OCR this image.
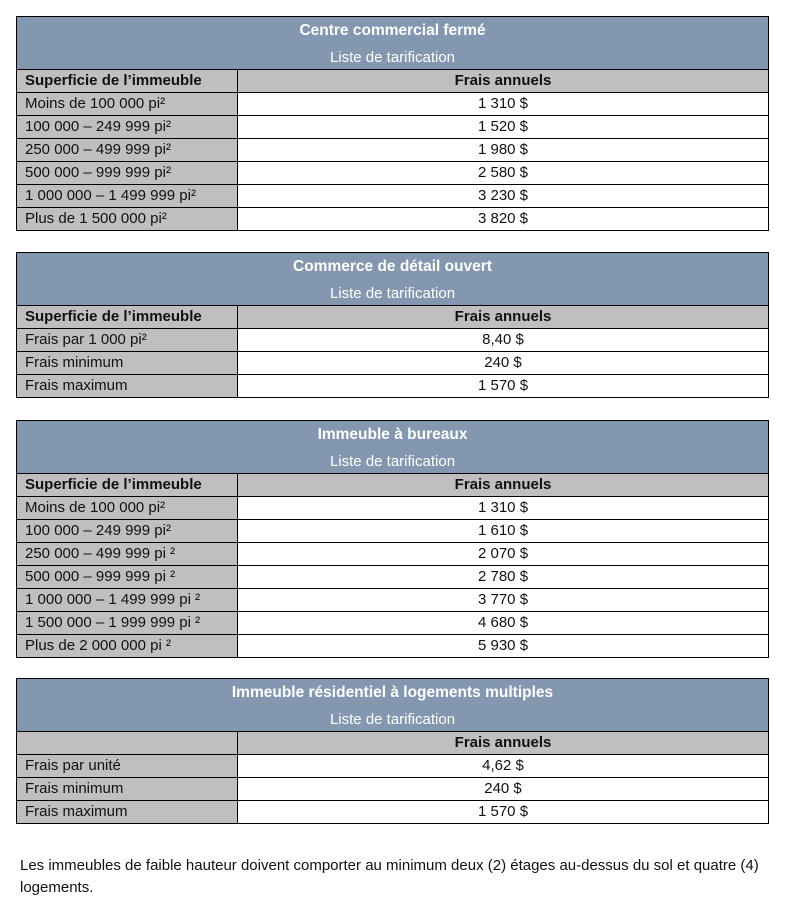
Centre commercial fermé
Liste de tarification	

Superficie de l’immeuble	Frais annuels
Moins de 100 000 pi²	1 310 $
100 000 – 249 999 pi²	1 520 $
250 000 – 499 999 pi²	1 980 $
500 000 – 999 999 pi²	2 580 $
1 000 000 – 1 499 999 pi²	3 230 $
Plus de 1 500 000 pi²	3 820 $
Commerce de détail ouvert
Liste de tarification	

Superficie de l’immeuble	Frais annuels
Frais par 1 000 pi²	8,40 $
Frais minimum	240 $
Frais maximum	1 570 $
Immeuble à bureaux
Liste de tarification	

Superficie de l’immeuble	Frais annuels
Moins de 100 000 pi²	1 310 $
100 000 – 249 999 pi²	1 610 $
250 000 – 499 999 pi ²	2 070 $
500 000 – 999 999 pi ²	2 780 $
1 000 000 – 1 499 999 pi ²	3 770 $
1 500 000 – 1 999 999 pi ²	4 680 $
Plus de 2 000 000 pi ²	5 930 $
Immeuble résidentiel à logements multiples
Liste de tarification	

	Frais annuels
Frais par unité	4,62 $
Frais minimum	240 $
Frais maximum	1 570 $

Les immeubles de faible hauteur doivent comporter au minimum deux (2) étages au-dessus du sol et quatre (4) logements.
